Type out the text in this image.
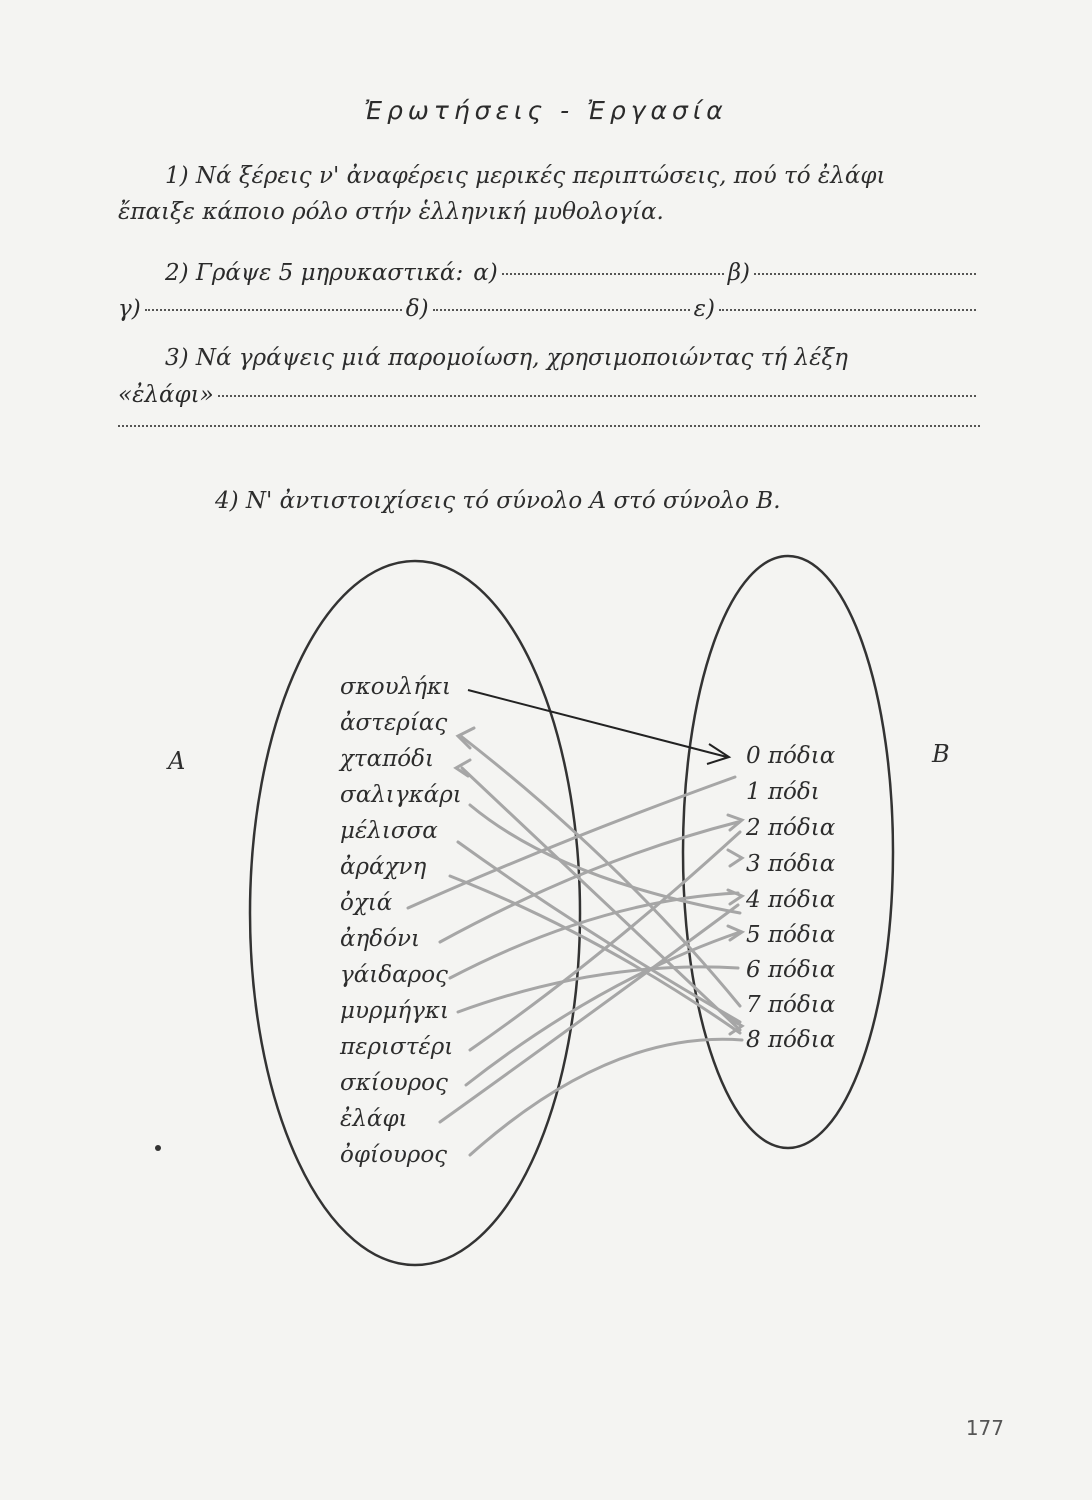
Ἐρωτήσεις - Ἐργασία
1) Νά ξέρεις ν' ἀναφέρεις μερικές περιπτώσεις, πού τό ἐλάφι
ἔπαιξε κάποιο ρόλο στήν ἑλληνική μυθολογία.
2) Γράψε 5 μηρυκαστικά: α)	β)
γ)	δ)	ε)
3) Νά γράψεις μιά παρομοίωση, χρησιμοποιώντας τή λέξη
«ἐλάφι»
4) Ν' ἀντιστοιχίσεις τό σύνολο Α στό σύνολο Β.
Α	Β
σκουλήκι
ἀστερίας
χταπόδι
σαλιγκάρι
μέλισσα
ἀράχνη
ὀχιά
ἀηδόνι
γάιδαρος
μυρμήγκι
περιστέρι
σκίουρος
ἐλάφι
ὀφίουρος
0 πόδια
1 πόδι
2 πόδια
3 πόδια
4 πόδια
5 πόδια
6 πόδια
7 πόδια
8 πόδια
177
